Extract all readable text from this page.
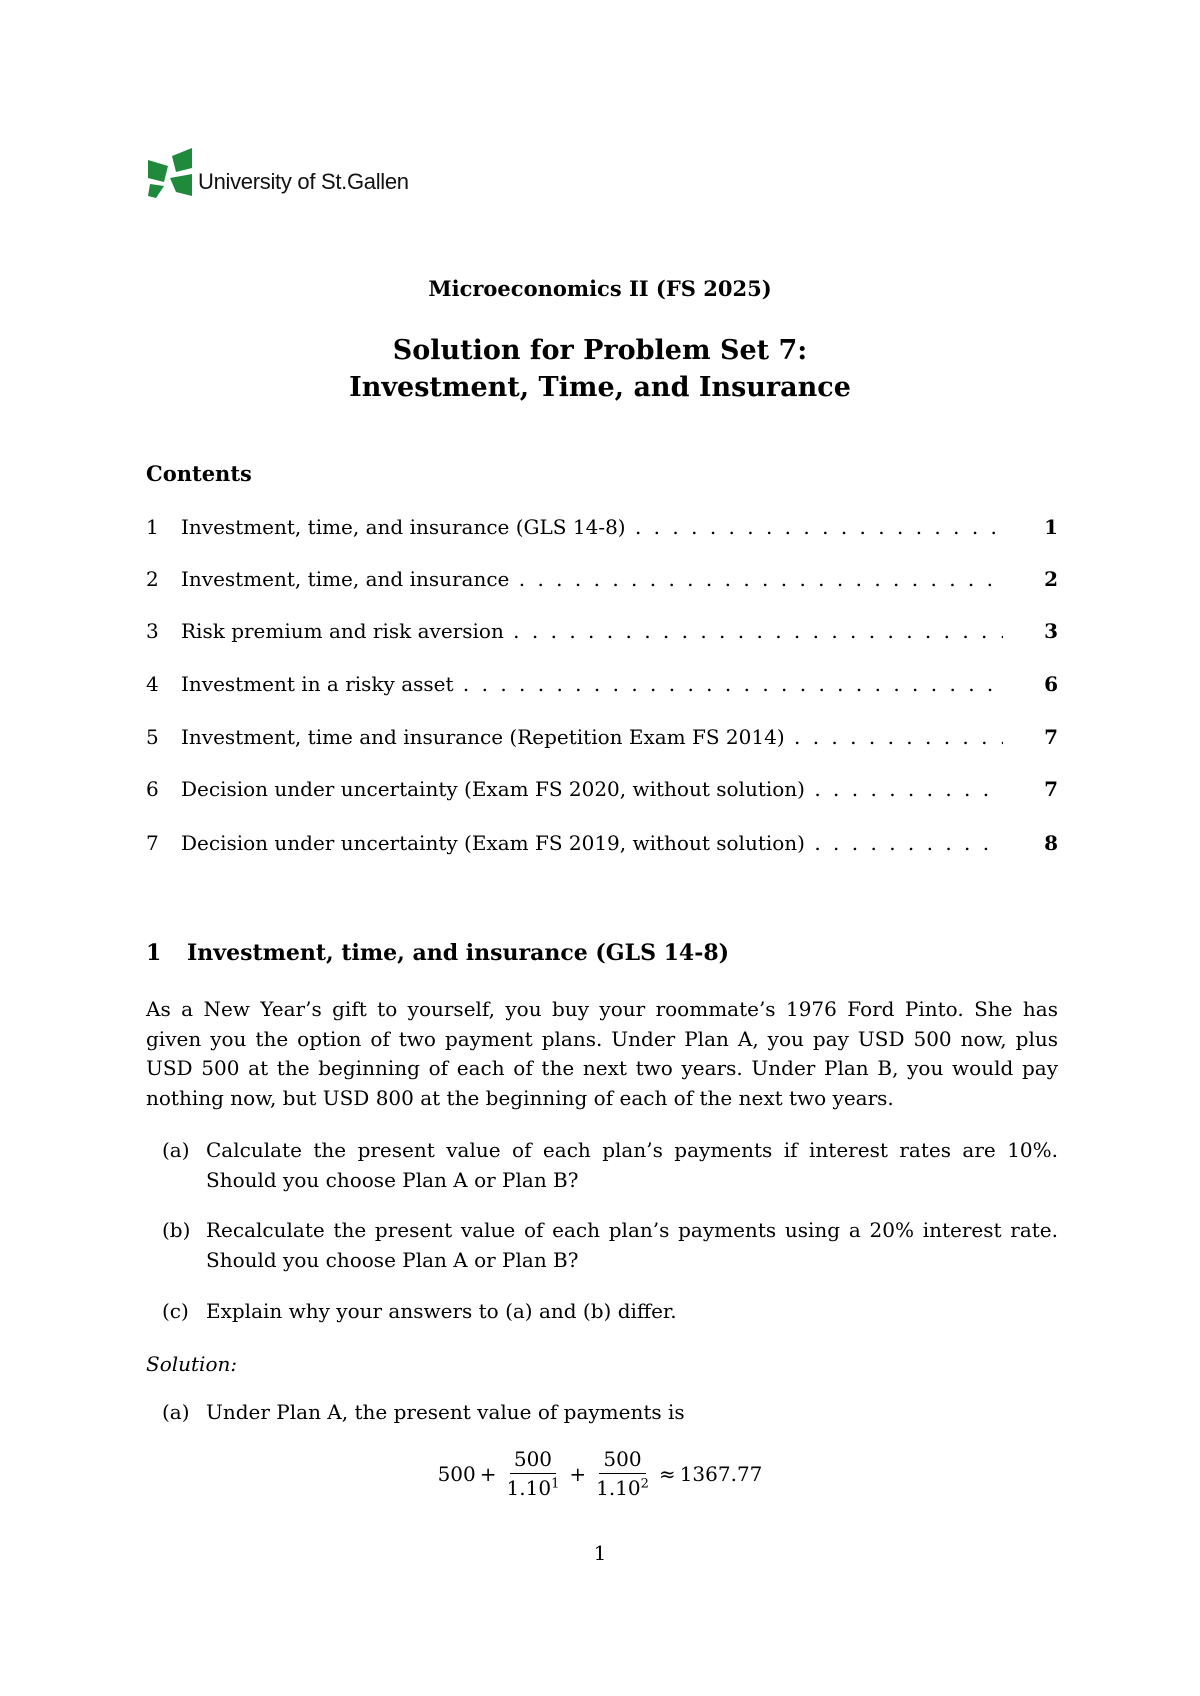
University of St.Gallen
Microeconomics II (FS 2025)
Solution for Problem Set 7:
Investment, Time, and Insurance
Contents
1 Investment, time, and insurance (GLS 14-8) . . .	1
2 Investment, time, and insurance . . .	2
3 Risk premium and risk aversion . . .	3
4 Investment in a risky asset . . .	6
5 Investment, time and insurance (Repetition Exam FS 2014) . . .	7
6 Decision under uncertainty (Exam FS 2020, without solution) . . .	7
7 Decision under uncertainty (Exam FS 2019, without solution) . . .	8
1 Investment, time, and insurance (GLS 14-8)
As a New Year’s gift to yourself, you buy your roommate’s 1976 Ford Pinto. She has given you the option of two payment plans. Under Plan A, you pay USD 500 now, plus USD 500 at the beginning of each of the next two years. Under Plan B, you would pay nothing now, but USD 800 at the beginning of each of the next two years.
(a) Calculate the present value of each plan’s payments if interest rates are 10%. Should you choose Plan A or Plan B?
(b) Recalculate the present value of each plan’s payments using a 20% interest rate. Should you choose Plan A or Plan B?
(c) Explain why your answers to (a) and (b) differ.
Solution:
(a) Under Plan A, the present value of payments is
$500 + \frac{500}{1.10^1} + \frac{500}{1.10^2} \approx 1367.77$
1
